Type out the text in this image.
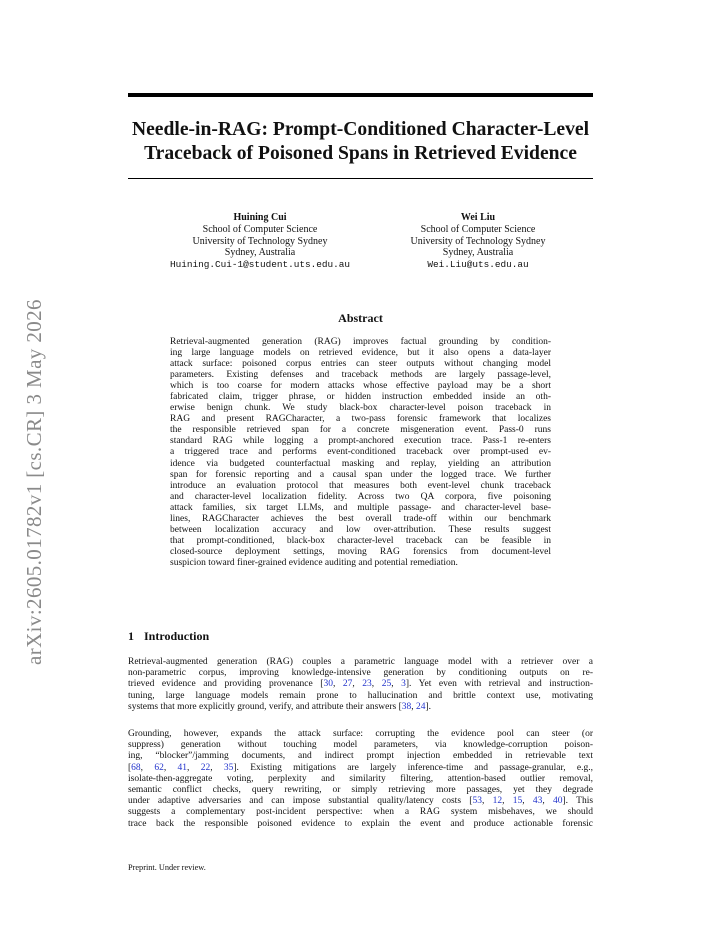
arXiv:2605.01782v1 [cs.CR] 3 May 2026
Needle-in-RAG: Prompt-Conditioned Character-Level
Traceback of Poisoned Spans in Retrieved Evidence
Huining Cui
School of Computer Science
University of Technology Sydney
Sydney, Australia
Huining.Cui-1@student.uts.edu.au
Wei Liu
School of Computer Science
University of Technology Sydney
Sydney, Australia
Wei.Liu@uts.edu.au
Abstract
Retrieval-augmented generation (RAG) improves factual grounding by condition-
ing large language models on retrieved evidence, but it also opens a data-layer
attack surface: poisoned corpus entries can steer outputs without changing model
parameters. Existing defenses and traceback methods are largely passage-level,
which is too coarse for modern attacks whose effective payload may be a short
fabricated claim, trigger phrase, or hidden instruction embedded inside an oth-
erwise benign chunk. We study black-box character-level poison traceback in
RAG and present RAGCharacter, a two-pass forensic framework that localizes
the responsible retrieved span for a concrete misgeneration event. Pass-0 runs
standard RAG while logging a prompt-anchored execution trace. Pass-1 re-enters
a triggered trace and performs event-conditioned traceback over prompt-used ev-
idence via budgeted counterfactual masking and replay, yielding an attribution
span for forensic reporting and a causal span under the logged trace. We further
introduce an evaluation protocol that measures both event-level chunk traceback
and character-level localization fidelity. Across two QA corpora, five poisoning
attack families, six target LLMs, and multiple passage- and character-level base-
lines, RAGCharacter achieves the best overall trade-off within our benchmark
between localization accuracy and low over-attribution. These results suggest
that prompt-conditioned, black-box character-level traceback can be feasible in
closed-source deployment settings, moving RAG forensics from document-level
suspicion toward finer-grained evidence auditing and potential remediation.
1 Introduction
Retrieval-augmented generation (RAG) couples a parametric language model with a retriever over a
non-parametric corpus, improving knowledge-intensive generation by conditioning outputs on re-
trieved evidence and providing provenance [30, 27, 23, 25, 3]. Yet even with retrieval and instruction-
tuning, large language models remain prone to hallucination and brittle context use, motivating
systems that more explicitly ground, verify, and attribute their answers [38, 24].
Grounding, however, expands the attack surface: corrupting the evidence pool can steer (or
suppress) generation without touching model parameters, via knowledge-corruption poison-
ing, “blocker”/jamming documents, and indirect prompt injection embedded in retrievable text
[68, 62, 41, 22, 35]. Existing mitigations are largely inference-time and passage-granular, e.g.,
isolate-then-aggregate voting, perplexity and similarity filtering, attention-based outlier removal,
semantic conflict checks, query rewriting, or simply retrieving more passages, yet they degrade
under adaptive adversaries and can impose substantial quality/latency costs [53, 12, 15, 43, 40]. This
suggests a complementary post-incident perspective: when a RAG system misbehaves, we should
trace back the responsible poisoned evidence to explain the event and produce actionable forensic
Preprint. Under review.
